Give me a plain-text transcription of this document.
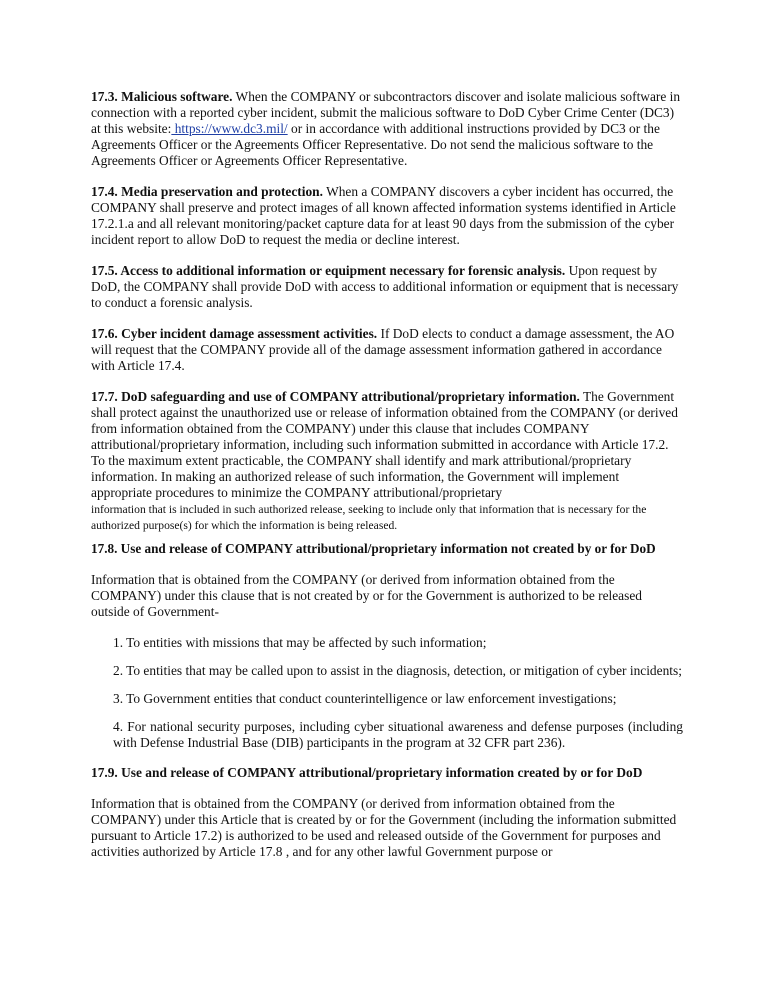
17.3. Malicious software. When the COMPANY or subcontractors discover and isolate malicious software in connection with a reported cyber incident, submit the malicious software to DoD Cyber Crime Center (DC3) at this website: https://www.dc3.mil/ or in accordance with additional instructions provided by DC3 or the Agreements Officer or the Agreements Officer Representative. Do not send the malicious software to the Agreements Officer or Agreements Officer Representative.

17.4. Media preservation and protection. When a COMPANY discovers a cyber incident has occurred, the COMPANY shall preserve and protect images of all known affected information systems identified in Article 17.2.1.a and all relevant monitoring/packet capture data for at least 90 days from the submission of the cyber incident report to allow DoD to request the media or decline interest.

17.5. Access to additional information or equipment necessary for forensic analysis. Upon request by DoD, the COMPANY shall provide DoD with access to additional information or equipment that is necessary to conduct a forensic analysis.

17.6. Cyber incident damage assessment activities. If DoD elects to conduct a damage assessment, the AO will request that the COMPANY provide all of the damage assessment information gathered in accordance with Article 17.4.

17.7. DoD safeguarding and use of COMPANY attributional/proprietary information. The Government shall protect against the unauthorized use or release of information obtained from the COMPANY (or derived from information obtained from the COMPANY) under this clause that includes COMPANY attributional/proprietary information, including such information submitted in accordance with Article 17.2. To the maximum extent practicable, the COMPANY shall identify and mark attributional/proprietary information. In making an authorized release of such information, the Government will implement appropriate procedures to minimize the COMPANY attributional/proprietary
information that is included in such authorized release, seeking to include only that information that is necessary for the authorized purpose(s) for which the information is being released.

17.8. Use and release of COMPANY attributional/proprietary information not created by or for DoD

Information that is obtained from the COMPANY (or derived from information obtained from the COMPANY) under this clause that is not created by or for the Government is authorized to be released outside of Government-

1. To entities with missions that may be affected by such information;

2. To entities that may be called upon to assist in the diagnosis, detection, or mitigation of cyber incidents;

3. To Government entities that conduct counterintelligence or law enforcement investigations;

4. For national security purposes, including cyber situational awareness and defense purposes (including with Defense Industrial Base (DIB) participants in the program at 32 CFR part 236).

17.9. Use and release of COMPANY attributional/proprietary information created by or for DoD

Information that is obtained from the COMPANY (or derived from information obtained from the COMPANY) under this Article that is created by or for the Government (including the information submitted pursuant to Article 17.2) is authorized to be used and released outside of the Government for purposes and activities authorized by Article 17.8 , and for any other lawful Government purpose or
